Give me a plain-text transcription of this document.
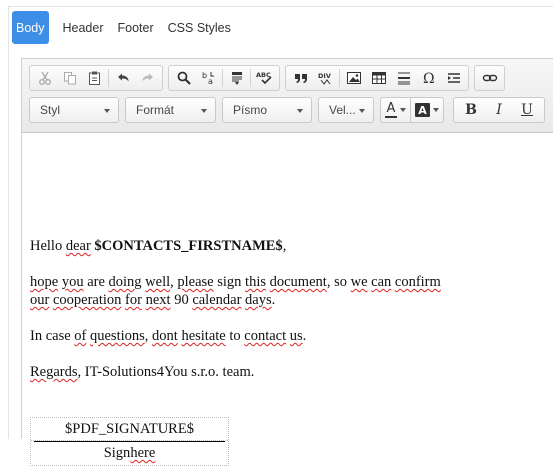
Body	Header	Footer	CSS Styles
b
a
ABC	DIV	Ω
Styl	Formát	Písmo	Vel... A A	B	I	U

Hello dear $CONTACTS_FIRSTNAME$,

hope you are doing well, please sign this document, so we can confirm

our cooperation for next 90 calendar days.

In case of questions, dont hesitate to contact us.

Regards, IT-Solutions4You s.r.o. team.

$PDF_SIGNATURE$
Sign here
